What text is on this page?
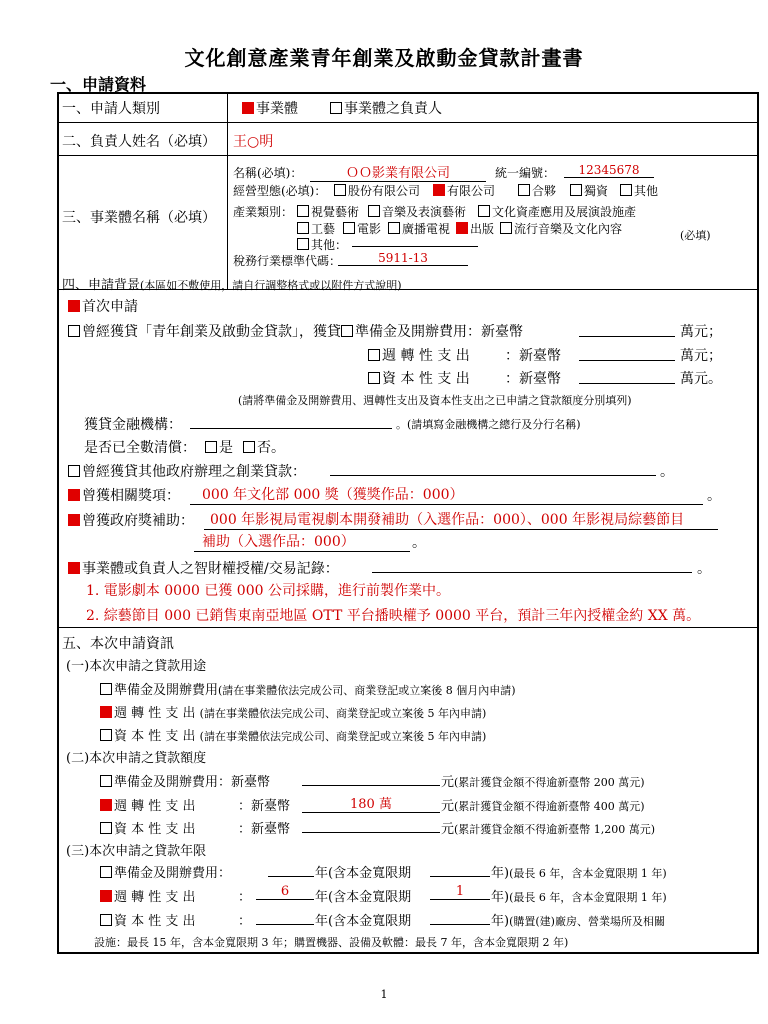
文化創意產業青年創業及啟動金貸款計畫書
一、申請資料
一、申請人類別	事業體	事業體之負責人
二、負責人姓名（必填） 王○明
三、事業體名稱（必填）
名稱(必填)：	ＯＯ影業有限公司	統一編號：	12345678
經營型態(必填)：	股份有限公司	有限公司	合夥	獨資	其他
產業類別：	視覺藝術	音樂及表演藝術	文化資產應用及展演設施產
工藝	電影	廣播電視	出版	流行音樂及文化內容	(必填)
其他：
稅務行業標準代碼：	5911-13
四、申請背景(本區如不敷使用，請自行調整格式或以附件方式說明)
首次申請
曾經獲貸「青年創業及啟動金貸款」，獲貸 準備金及開辦費用：新臺幣	萬元；
週 轉 性 支 出	：新臺幣	萬元；
資 本 性 支 出	：新臺幣	萬元。
(請將準備金及開辦費用、週轉性支出及資本性支出之已申請之貸款額度分別填列)
獲貸金融機構：	。(請填寫金融機構之總行及分行名稱)
是否已全數清償：	是	否。
曾經獲貸其他政府辦理之創業貸款：	。
曾獲相關獎項：	000 年文化部 000 獎（獲獎作品：000）	。
曾獲政府獎補助：	000 年影視局電視劇本開發補助（入選作品：000）、000 年影視局綜藝節目
補助（入選作品：000）	。
事業體或負責人之智財權授權/交易記錄：	。
1. 電影劇本 0000 已獲 000 公司採購，進行前製作業中。
2. 綜藝節目 000 已銷售東南亞地區 OTT 平台播映權予 0000 平台，預計三年內授權金約 XX 萬。
五、本次申請資訊
(一)本次申請之貸款用途
準備金及開辦費用(請在事業體依法完成公司、商業登記或立案後 8 個月內申請)
週 轉 性 支 出 (請在事業體依法完成公司、商業登記或立案後 5 年內申請)
資 本 性 支 出 (請在事業體依法完成公司、商業登記或立案後 5 年內申請)
(二)本次申請之貸款額度
準備金及開辦費用：新臺幣	元(累計獲貸金額不得逾新臺幣 200 萬元)
週 轉 性 支 出	：新臺幣	180 萬	元(累計獲貸金額不得逾新臺幣 400 萬元)
資 本 性 支 出	：新臺幣	元(累計獲貸金額不得逾新臺幣 1,200 萬元)
(三)本次申請之貸款年限
準備金及開辦費用：	年(含本金寬限期	年)(最長 6 年，含本金寬限期 1 年)
週 轉 性 支 出	：	6	年(含本金寬限期	1	年)(最長 6 年，含本金寬限期 1 年)
資 本 性 支 出	：	年(含本金寬限期	年)(購置(建)廠房、營業場所及相關
設施：最長 15 年，含本金寬限期 3 年；購置機器、設備及軟體：最長 7 年，含本金寬限期 2 年)
1
